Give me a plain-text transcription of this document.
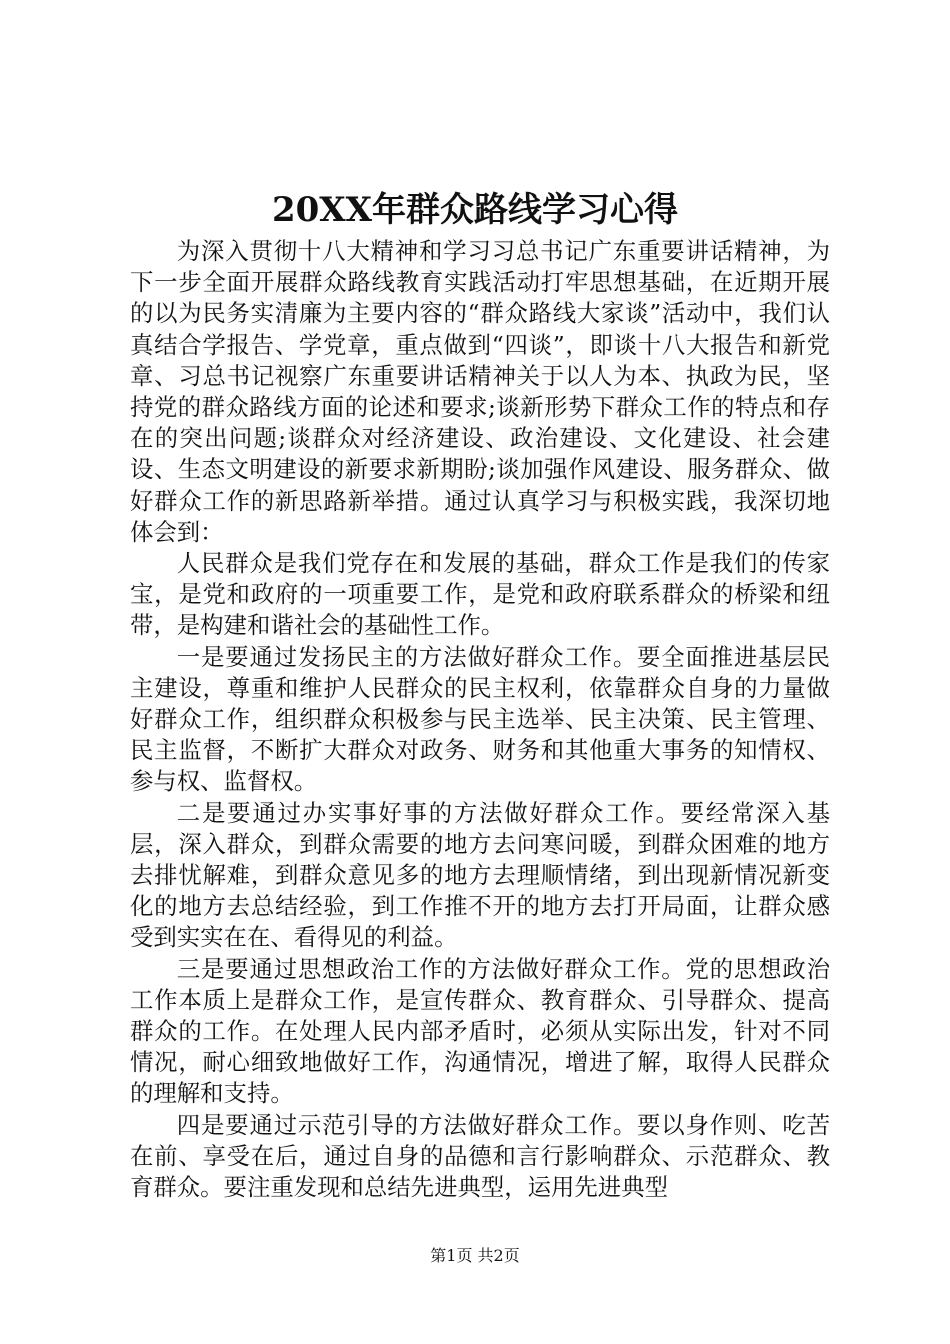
20XX年群众路线学习心得

为深入贯彻十八大精神和学习习总书记广东重要讲话精神，为下一步全面开展群众路线教育实践活动打牢思想基础，在近期开展的以为民务实清廉为主要内容的“群众路线大家谈”活动中，我们认真结合学报告、学党章，重点做到“四谈”，即谈十八大报告和新党章、习总书记视察广东重要讲话精神关于以人为本、执政为民，坚持党的群众路线方面的论述和要求;谈新形势下群众工作的特点和存在的突出问题;谈群众对经济建设、政治建设、文化建设、社会建设、生态文明建设的新要求新期盼;谈加强作风建设、服务群众、做好群众工作的新思路新举措。通过认真学习与积极实践，我深切地体会到：

人民群众是我们党存在和发展的基础，群众工作是我们的传家宝，是党和政府的一项重要工作，是党和政府联系群众的桥梁和纽带，是构建和谐社会的基础性工作。

一是要通过发扬民主的方法做好群众工作。要全面推进基层民主建设，尊重和维护人民群众的民主权利，依靠群众自身的力量做好群众工作，组织群众积极参与民主选举、民主决策、民主管理、民主监督，不断扩大群众对政务、财务和其他重大事务的知情权、参与权、监督权。

二是要通过办实事好事的方法做好群众工作。要经常深入基层，深入群众，到群众需要的地方去问寒问暖，到群众困难的地方去排忧解难，到群众意见多的地方去理顺情绪，到出现新情况新变化的地方去总结经验，到工作推不开的地方去打开局面，让群众感受到实实在在、看得见的利益。

三是要通过思想政治工作的方法做好群众工作。党的思想政治工作本质上是群众工作，是宣传群众、教育群众、引导群众、提高群众的工作。在处理人民内部矛盾时，必须从实际出发，针对不同情况，耐心细致地做好工作，沟通情况，增进了解，取得人民群众的理解和支持。

四是要通过示范引导的方法做好群众工作。要以身作则、吃苦在前、享受在后，通过自身的品德和言行影响群众、示范群众、教育群众。要注重发现和总结先进典型，运用先进典型

第1页 共2页
